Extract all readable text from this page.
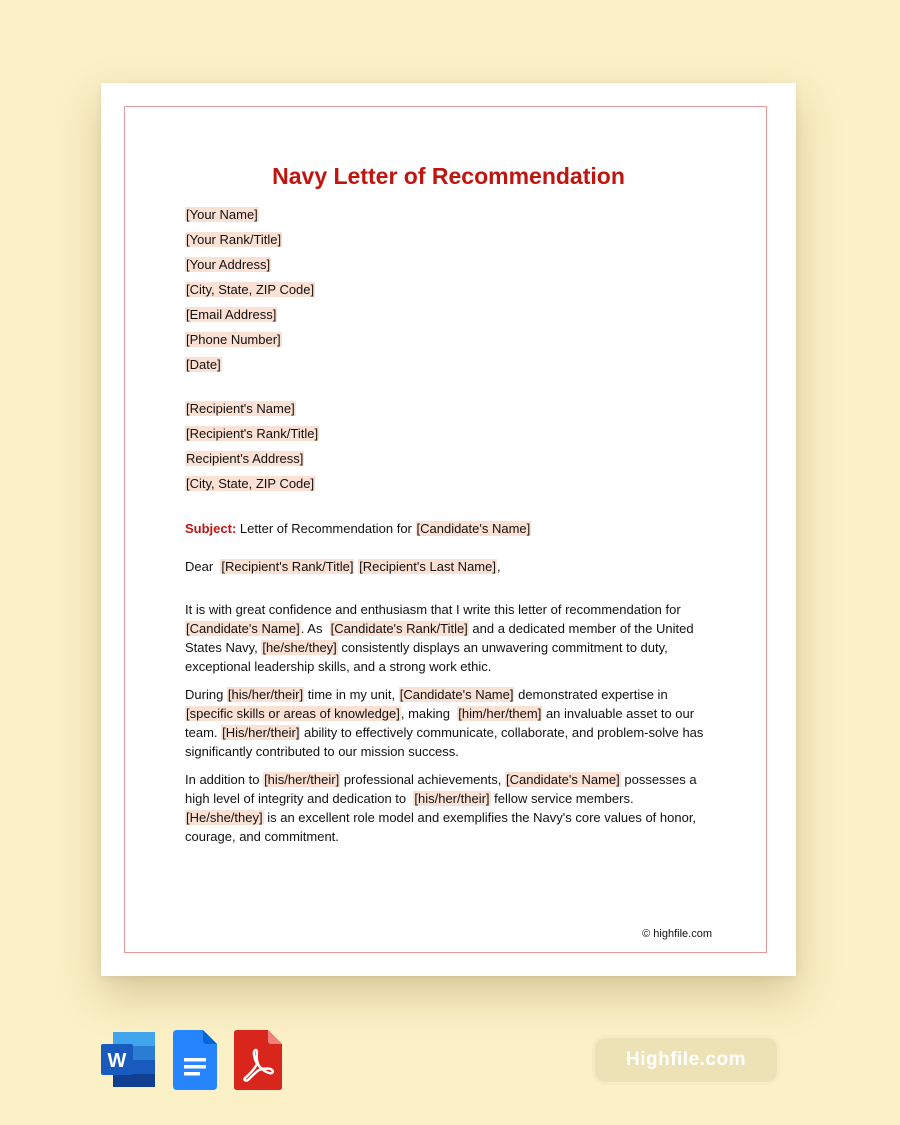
Navy Letter of Recommendation
[Your Name]
[Your Rank/Title]
[Your Address]
[City, State, ZIP Code]
[Email Address]
[Phone Number]
[Date]
[Recipient's Name]
[Recipient's Rank/Title]
Recipient's Address]
[City, State, ZIP Code]
Subject: Letter of Recommendation for [Candidate's Name]
Dear  [Recipient's Rank/Title] [Recipient's Last Name],

It is with great confidence and enthusiasm that I write this letter of recommendation for [Candidate's Name]. As  [Candidate's Rank/Title] and a dedicated member of the United States Navy, [he/she/they] consistently displays an unwavering commitment to duty, exceptional leadership skills, and a strong work ethic.

During [his/her/their] time in my unit, [Candidate's Name] demonstrated expertise in [specific skills or areas of knowledge], making  [him/her/them] an invaluable asset to our team. [His/her/their] ability to effectively communicate, collaborate, and problem-solve has significantly contributed to our mission success.

In addition to [his/her/their] professional achievements, [Candidate's Name] possesses a high level of integrity and dedication to  [his/her/their] fellow service members. [He/she/they] is an excellent role model and exemplifies the Navy's core values of honor, courage, and commitment.

© highfile.com
W	Highfile.com
